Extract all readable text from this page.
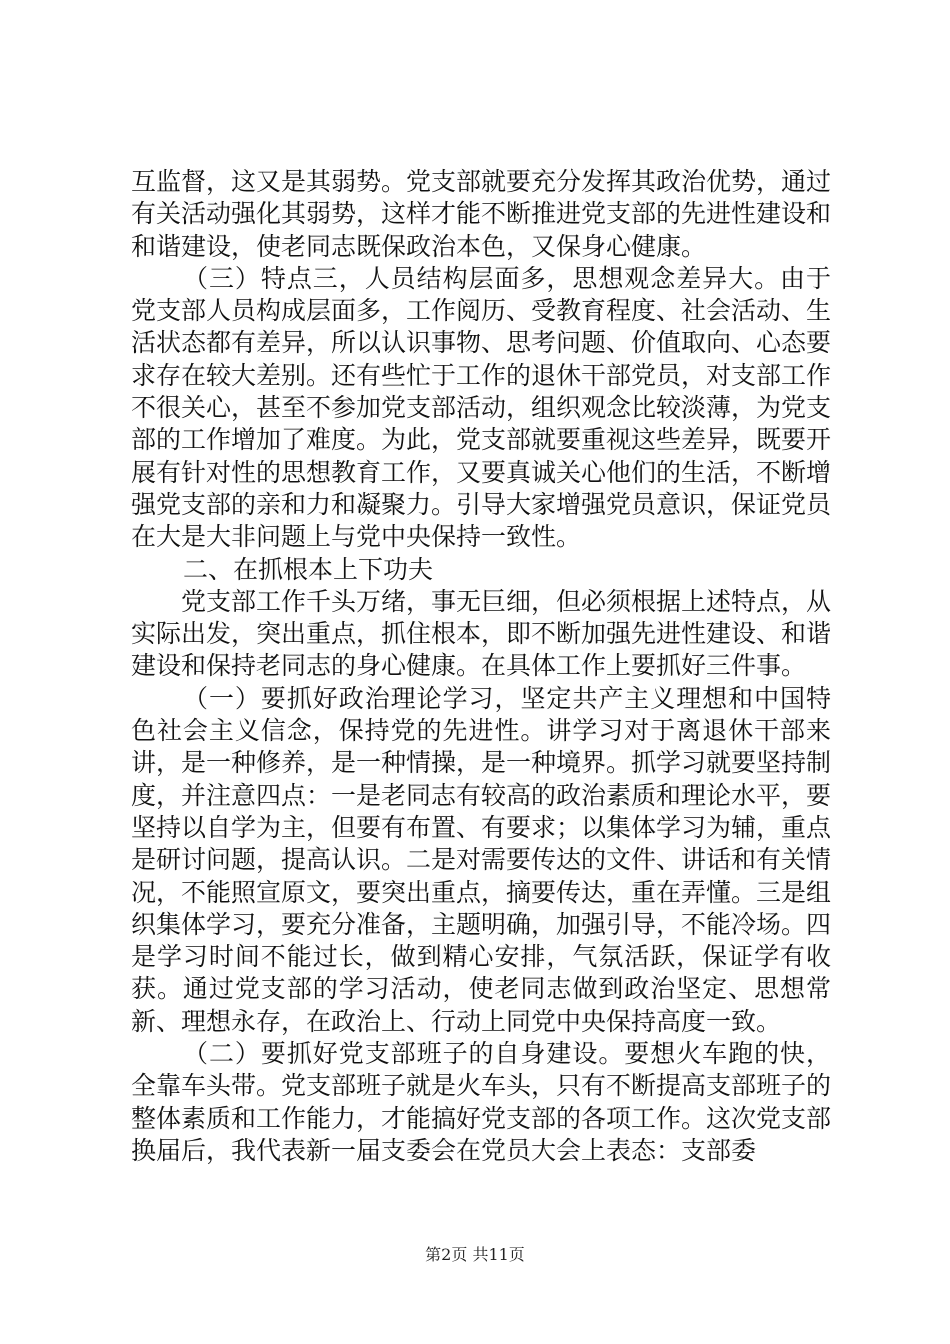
互监督，这又是其弱势。党支部就要充分发挥其政治优势，通过有关活动强化其弱势，这样才能不断推进党支部的先进性建设和和谐建设，使老同志既保政治本色，又保身心健康。

（三）特点三，人员结构层面多，思想观念差异大。由于党支部人员构成层面多，工作阅历、受教育程度、社会活动、生活状态都有差异，所以认识事物、思考问题、价值取向、心态要求存在较大差别。还有些忙于工作的退休干部党员，对支部工作不很关心，甚至不参加党支部活动，组织观念比较淡薄，为党支部的工作增加了难度。为此，党支部就要重视这些差异，既要开展有针对性的思想教育工作，又要真诚关心他们的生活，不断增强党支部的亲和力和凝聚力。引导大家增强党员意识，保证党员在大是大非问题上与党中央保持一致性。

二、在抓根本上下功夫

党支部工作千头万绪，事无巨细，但必须根据上述特点，从实际出发，突出重点，抓住根本，即不断加强先进性建设、和谐建设和保持老同志的身心健康。在具体工作上要抓好三件事。

（一）要抓好政治理论学习，坚定共产主义理想和中国特色社会主义信念，保持党的先进性。讲学习对于离退休干部来讲，是一种修养，是一种情操，是一种境界。抓学习就要坚持制度，并注意四点：一是老同志有较高的政治素质和理论水平，要坚持以自学为主，但要有布置、有要求；以集体学习为辅，重点是研讨问题，提高认识。二是对需要传达的文件、讲话和有关情况，不能照宣原文，要突出重点，摘要传达，重在弄懂。三是组织集体学习，要充分准备，主题明确，加强引导，不能冷场。四是学习时间不能过长，做到精心安排，气氛活跃，保证学有收获。通过党支部的学习活动，使老同志做到政治坚定、思想常新、理想永存，在政治上、行动上同党中央保持高度一致。

（二）要抓好党支部班子的自身建设。要想火车跑的快，全靠车头带。党支部班子就是火车头，只有不断提高支部班子的整体素质和工作能力，才能搞好党支部的各项工作。这次党支部换届后，我代表新一届支委会在党员大会上表态：支部委

第2页 共11页
